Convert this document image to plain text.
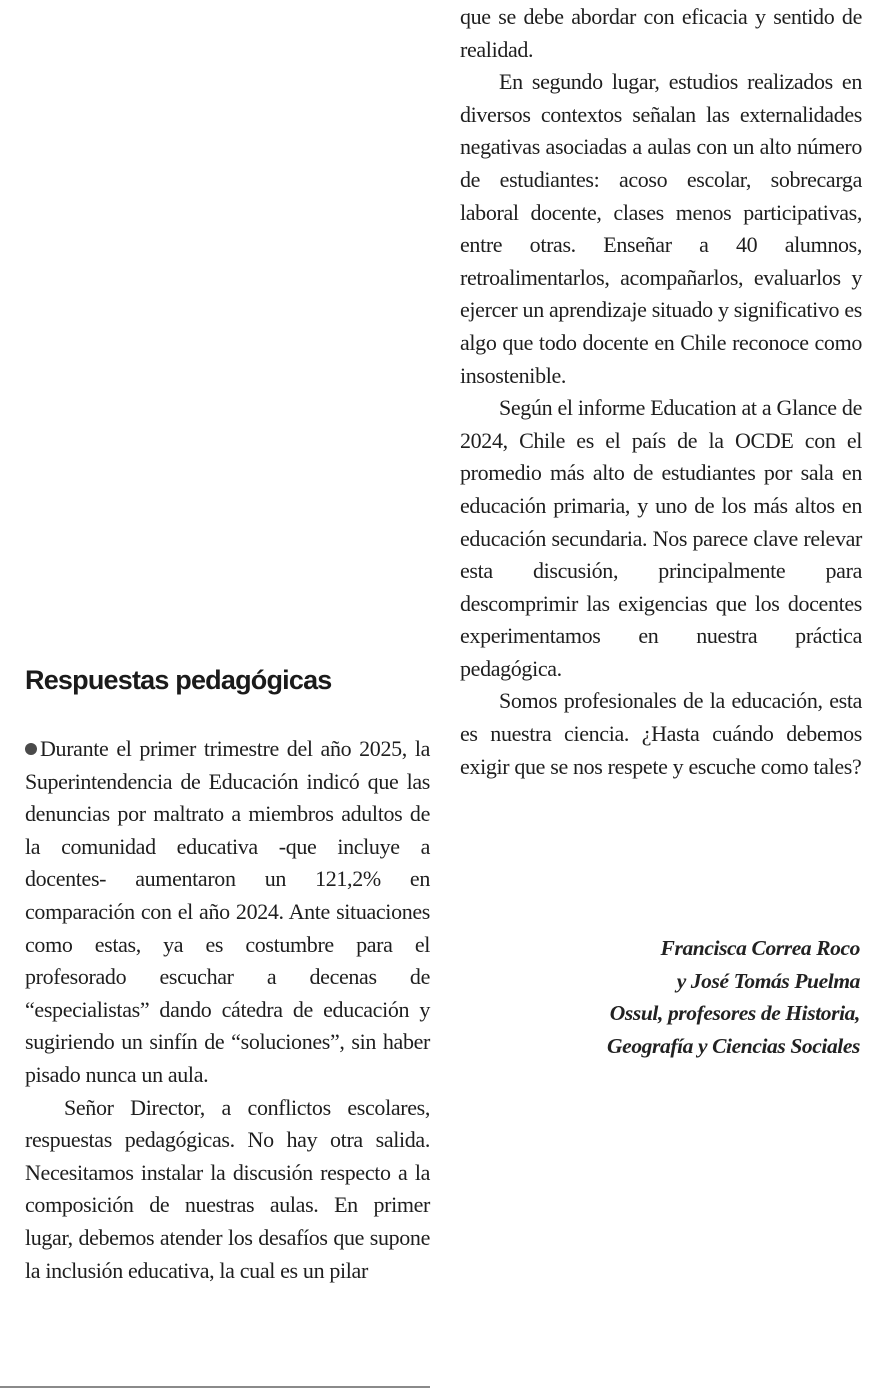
Respuestas pedagógicas

Durante el primer trimestre del año 2025, la Superintendencia de Educación indicó que las denuncias por maltrato a miembros adultos de la comunidad educativa -que incluye a docentes- aumentaron un 121,2% en comparación con el año 2024. Ante situaciones como estas, ya es costumbre para el profesorado escuchar a decenas de “especialistas” dando cátedra de educación y sugiriendo un sinfín de “soluciones”, sin haber pisado nunca un aula.

Señor Director, a conflictos escolares, respuestas pedagógicas. No hay otra salida. Necesitamos instalar la discusión respecto a la composición de nuestras aulas. En primer lugar, debemos atender los desafíos que supone la inclusión educativa, la cual es un pilar

que se debe abordar con eficacia y sentido de realidad.

En segundo lugar, estudios realizados en diversos contextos señalan las externalidades negativas asociadas a aulas con un alto número de estudiantes: acoso escolar, sobrecarga laboral docente, clases menos participativas, entre otras. Enseñar a 40 alumnos, retroalimentarlos, acompañarlos, evaluarlos y ejercer un aprendizaje situado y significativo es algo que todo docente en Chile reconoce como insostenible.

Según el informe Education at a Glance de 2024, Chile es el país de la OCDE con el promedio más alto de estudiantes por sala en educación primaria, y uno de los más altos en educación secundaria. Nos parece clave relevar esta discusión, principalmente para descomprimir las exigencias que los docentes experimentamos en nuestra práctica pedagógica.

Somos profesionales de la educación, esta es nuestra ciencia. ¿Hasta cuándo debemos exigir que se nos respete y escuche como tales?

Francisca Correa Roco
y José Tomás Puelma
Ossul, profesores de Historia,
Geografía y Ciencias Sociales
